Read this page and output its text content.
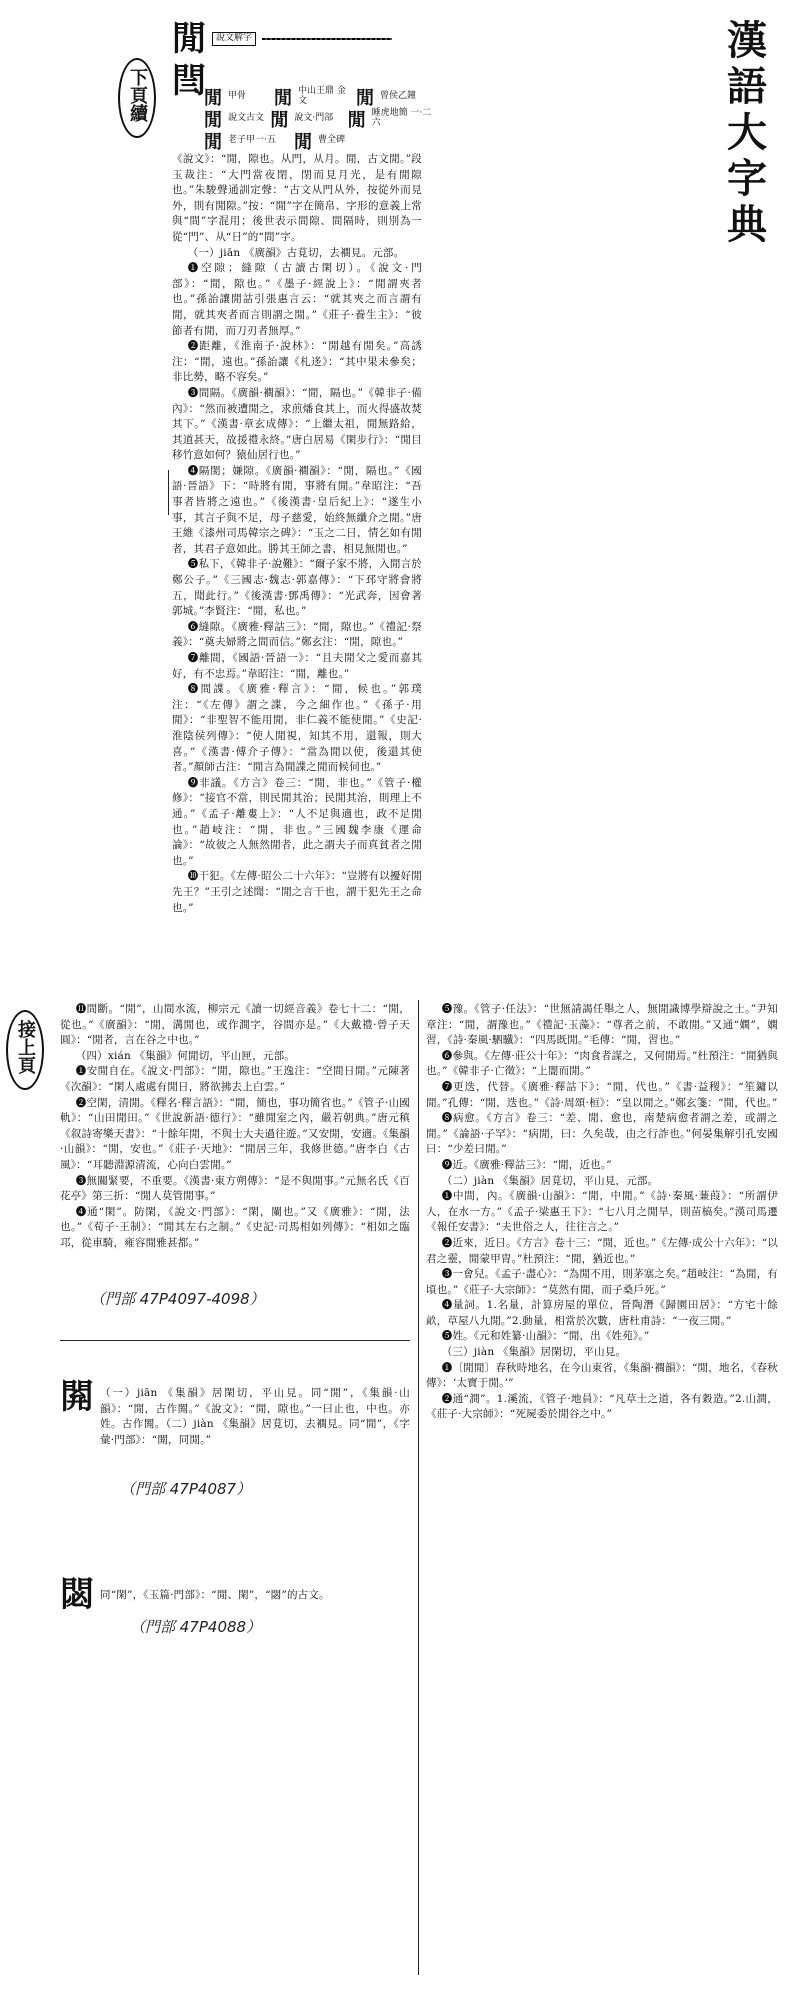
下頁續
閒	說文解字
閆
閒 甲骨	閒 中山王鼎 金文	閒 曾侯乙鐘
閒 說文古文 閒 說文·門部 閒 睡虎地簡 一·二六
閒 老子甲一·五	閒 曹全碑
漢
語
大
字
典

《說文》：“閒，隙也。从門，从月。閒，古文閒。”段玉裁注：“大門當夜閉，閉而見月光，是有閒隙也。”朱駿聲通訓定聲：“古文从門从外，按從外而見外，則有閒隙。”按：“閒”字在簡帛、字形的意義上常與“間”字混用；後世表示間隙、間隔時，則別為一從“門”、从“日”的“間”字。

（一）jiān 《廣韻》古莧切，去襇見。元部。

❶空隙；縫隙（古讀古閑切）。《說文·門部》：“閒，隙也。”《墨子·經說上》：“閒謂夾者也。”孫詒讓閒詁引張惠言云：“就其夾之而言謂有閒，就其夾者而言則謂之閒。”《莊子·養生主》：“彼節者有閒，而刀刃者無厚。”

❷距離，《淮南子·說林》：“閒越有閒矣。”高誘注：“閒，遠也。”孫詒讓《札迻》：“其中果未參矣；非比勢，略不容矣。”

❸間隔。《廣韻·襇韻》：“閒，隔也。”《韓非子·備內》：“然而被遭閒之，求煎燔食其上，而火得盛故焚其下。”《漢書·章玄成傳》：“上繼太祖，閒無路給，其道甚天，故援禮永終。”唐白居易《閑步行》：“閒目移竹意如何？猿仙居行也。”

❹隔閡；嫌隙。《廣韻·襇韻》：“閒，隔也。”《國語·晉語》下：“時將有閒，事將有閒。”韋昭注：“吾事者皆將之遠也。”《後漢書·皇后紀上》：“遂生小事，其言子與不足，母子慈愛，始終無纖介之閒。”唐王維《漆州司馬韓宗之碑》：“玉之二日，情乞如有閒者，其君子意如此。勝其王師之書，相見無閒也。”

❺私下，《韓非子·說難》：“爾子家不將，入閒言於鄭公子。”《三國志·魏志·郭嘉傳》：“下邳守將會將五，聞此行。”《後漢書·鄧禹傳》：“光武奔，因會著郭城。”李賢注：“閒，私也。”

❻縫隙。《廣雅·釋詁三》：“閒，隙也。”《禮記·祭義》：“奠夫婦將之間而信。”鄭玄注：“閒，隙也。”

❼離間，《國語·晉語一》：“且夫閒父之愛而嘉其好，有不忠焉。”韋昭注：“閒，離也。”

❽間諜。《廣雅·釋言》：“閒，候也。”郭璞注：“《左傳》謂之諜，今之細作也。”《孫子·用閒》：“非聖智不能用閒，非仁義不能使閒。”《史記·淮陰侯列傳》：“使人閒視，知其不用，還報，則大喜。”《漢書·傅介子傳》：“當為閒以使，後還其使者。”顏師古注：“閒言為閒諜之閒而候伺也。”

❾非議。《方言》卷三：“閒，非也。”《管子·權修》：“接官不當，則民閒其治；民閒其治，則理上不通。”《孟子·離婁上》：“人不足與適也，政不足閒也。”趙岐注：“閒，非也。”三國魏李康《運命論》：“故彼之人無然閒者，此之謂夫子而真貧者之閒也。”

❿干犯。《左傳·昭公二十六年》：“豈將有以擾好閒先王？”王引之述聞：“閒之言干也，謂干犯先王之命也。”

接上頁

⓫間斷。“閒”，山間水流，柳宗元《讀一切經音義》卷七十二：“閒，從也。”《廣韻》：“閒，溝閒也，或作澗字，谷間亦是。”《大戴禮·曾子天圓》：“閒者，言在谷之中也。”

（四）xián 《集韻》何閒切，平山匣，元部。

❶安閒自在。《說文·門部》：“閒，隙也。”王逸注：“空間日閒。”元陳著《次韻》：“閑人處處有閒日，將欲拂去上白雲。”

❷空閑，清閒。《釋名·釋言語》：“閒，簡也，事功簡省也。”《管子·山國軌》：“山田閒田。”《世說新語·德行》：“雖閒室之內，嚴若朝典。”唐元稹《叙詩寄樂天書》：“十餘年閒，不與士大夫過往遊。”又安閒，安適。《集韻·山韻》：“閒，安也。”《莊子·天地》：“閒居三年，我修世德。”唐李白《古風》：“耳聽淵源清流，心向白雲閒。”

❸無關緊要，不重要。《漢書·東方朔傳》：“是不與閒事。”元無名氏《百花亭》第三折：“閒人莫管閒事。”

❹通“閑”。防閑，《說文·門部》：“閑，闌也。”又《廣雅》：“閒，法也。”《荀子·王制》：“閒其左右之制。”《史記·司馬相如列傳》：“相如之臨邛，從車騎，雍容閒雅甚都。”

（門部 47P4097-4098）
閞 （一）jiān 《集韻》居閑切，平山見。同“閒”，《集韻·山韻》：“閒，古作閞。”《說文》：“閒，隙也。”一曰止也，中也。亦姓。古作閞。（二）jiàn 《集韻》居莧切，去襇見。同“閒”，《字彙·門部》：“閞，同閒。”

（門部 47P4087）
閟 同“閑”，《玉篇·門部》：“閒、閑”，“閟”的古文。

（門部 47P4088）

❺豫。《管子·任法》：“世無請謁任舉之人，無閒識博學辯說之士。”尹知章注：“閒，謂豫也。”《禮記·玉藻》：“尊者之前，不敢閒。”又通“嫺”，嫻習，《詩·秦風·駟驖》：“四馬既閒。”毛傳：“閒，習也。”

❻參與。《左傳·莊公十年》：“肉食者謀之，又何閒焉。”杜預注：“閒猶與也。”《韓非子·亡徵》：“上闇而閒。”

❼更迭，代替。《廣雅·釋詁下》：“閒，代也。”《書·益稷》：“笙鏞以閒。”孔傳：“閒，迭也。”《詩·周頌·桓》：“皇以閒之。”鄭玄箋：“閒，代也。”

❽病愈。《方言》卷三：“差、閒、愈也，南楚病愈者謂之差，或謂之閒。”《論語·子罕》：“病閒，曰：久矣哉，由之行詐也。”何晏集解引孔安國曰：“少差曰閒。”

❾近。《廣雅·釋詁三》：“閒，近也。”

（二）jiàn 《集韻》居莧切，平山見，元部。

❶中間，內。《廣韻·山韻》：“閒，中閒。”《詩·秦風·蒹葭》：“所謂伊人，在水一方。”《孟子·梁惠王下》：“七八月之閒旱，則苗槁矣。”漢司馬遷《報任安書》：“夫世俗之人，往往言之。”

❷近來，近日。《方言》卷十三：“閒，近也。”《左傳·成公十六年》：“以君之靈，閒蒙甲胄。”杜預注：“閒，猶近也。”

❸一會兒。《孟子·盡心》：“為閒不用，則茅塞之矣。”趙岐注：“為閒，有頃也。”《莊子·大宗師》：“莫然有閒，而子桑戶死。”

❹量詞。1.名量，計算房屋的單位，晉陶潛《歸園田居》：“方宅十餘畝，草屋八九閒。”2.動量，相當於次數，唐杜甫詩：“一夜三閒。”

❺姓。《元和姓纂·山韻》：“閒，出《姓苑》。”

（三）jiàn 《集韻》居閑切，平山見。

❶〔閒閒〕春秋時地名，在今山東省，《集韻·襇韻》：“閒，地名，《春秋傳》：‘太寶于閒。’”

❷通“澗”。1.溪流，《管子·地員》：“凡草土之道，各有穀造。”2.山澗，《莊子·大宗師》：“死屍委於閒谷之中。”
